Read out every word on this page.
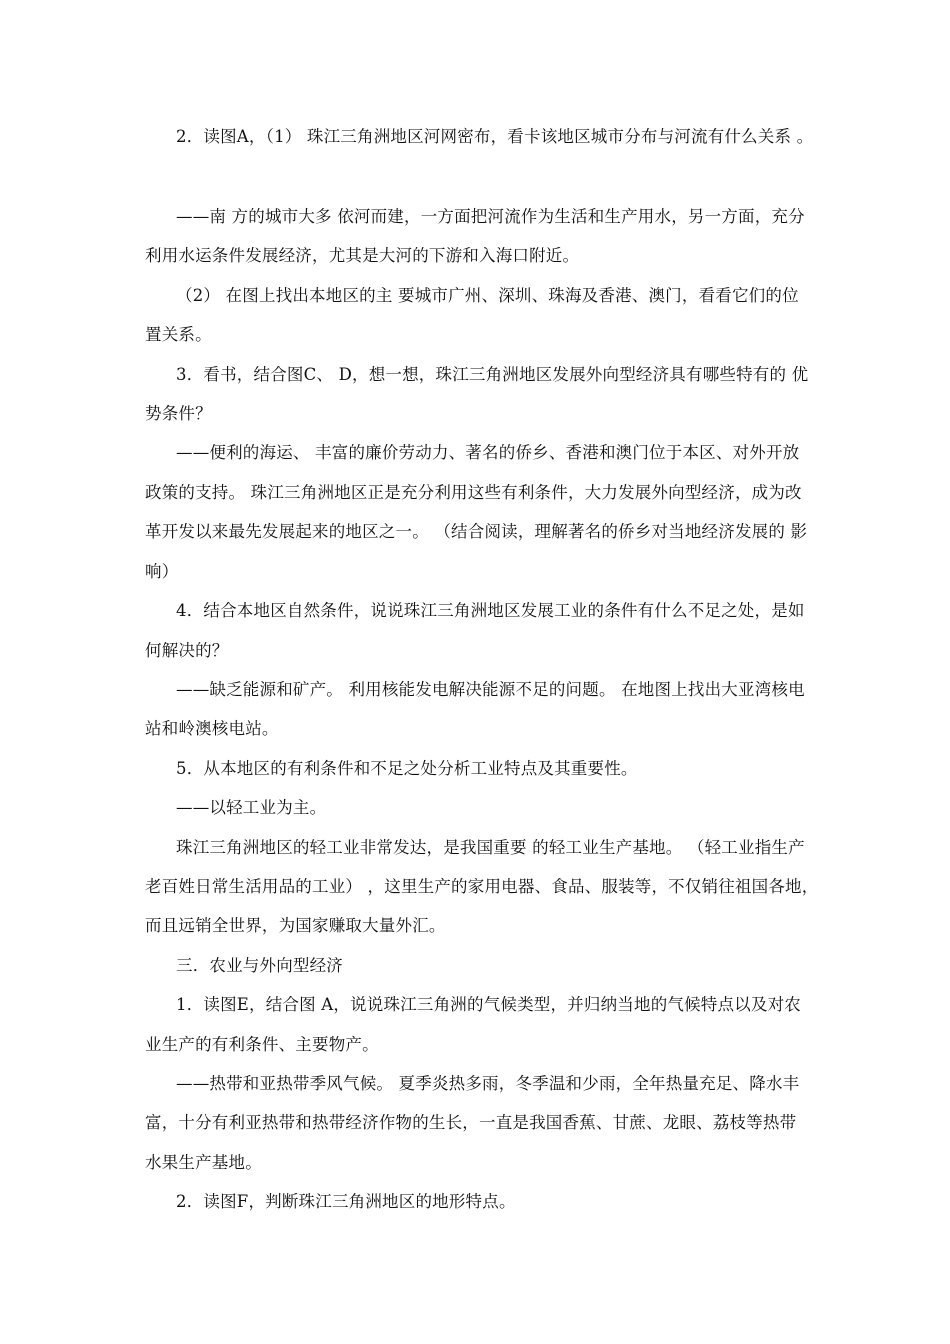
2．读图A，（1） 珠江三角洲地区河网密布，看卡该地区城市分布与河流有什么关系 。
——南 方的城市大多 依河而建，一方面把河流作为生活和生产用水，另一方面，充分
利用水运条件发展经济，尤其是大河的下游和入海口附近。
（2） 在图上找出本地区的主 要城市广州、深圳、珠海及香港、澳门，看看它们的位
置关系。
3．看书，结合图C、 D，想一想，珠江三角洲地区发展外向型经济具有哪些特有的 优
势条件？
——便利的海运、 丰富的廉价劳动力、著名的侨乡、香港和澳门位于本区、对外开放
政策的支持。 珠江三角洲地区正是充分利用这些有利条件，大力发展外向型经济，成为改
革开发以来最先发展起来的地区之一。 （结合阅读，理解著名的侨乡对当地经济发展的 影
响）
4．结合本地区自然条件，说说珠江三角洲地区发展工业的条件有什么不足之处，是如
何解决的？
——缺乏能源和矿产。 利用核能发电解决能源不足的问题。 在地图上找出大亚湾核电
站和岭澳核电站。
5．从本地区的有利条件和不足之处分析工业特点及其重要性。
——以轻工业为主。
珠江三角洲地区的轻工业非常发达，是我国重要 的轻工业生产基地。 （轻工业指生产
老百姓日常生活用品的工业） ，这里生产的家用电器、食品、服装等，不仅销往祖国各地，
而且远销全世界，为国家赚取大量外汇。
三．农业与外向型经济
1．读图E，结合图 A，说说珠江三角洲的气候类型，并归纳当地的气候特点以及对农
业生产的有利条件、主要物产。
——热带和亚热带季风气候。 夏季炎热多雨，冬季温和少雨，全年热量充足、降水丰
富，十分有利亚热带和热带经济作物的生长，一直是我国香蕉、甘蔗、龙眼、荔枝等热带
水果生产基地。
2．读图F，判断珠江三角洲地区的地形特点。
